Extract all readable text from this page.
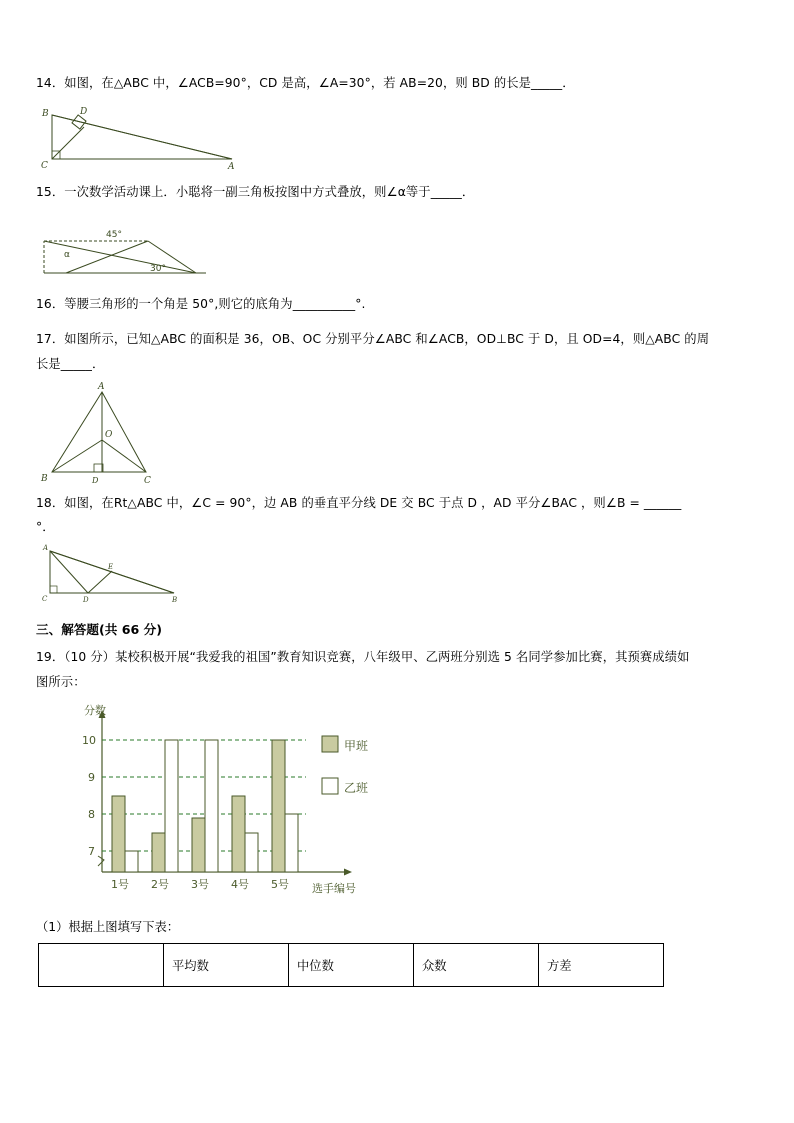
14．如图，在△ABC 中，∠ACB=90°，CD 是高，∠A=30°，若 AB=20，则 BD 的长是_____．
B	D
C	A
15．一次数学活动课上．小聪将一副三角板按图中方式叠放，则∠α等于_____．
45°
α
30°
16．等腰三角形的一个角是 50°,则它的底角为__________°.
17．如图所示，已知△ABC 的面积是 36，OB、OC 分别平分∠ABC 和∠ACB，OD⊥BC 于 D，且 OD=4，则△ABC 的周
长是_____．
A
O
B	D	C
18．如图，在Rt△ABC 中，∠C = 90°，边 AB 的垂直平分线 DE 交 BC 于点 D ，AD 平分∠BAC ，则∠B = ______
°．
A
E
C	D	B
三、解答题(共 66 分)
19．（10 分）某校积极开展“我爱我的祖国”教育知识竞赛，八年级甲、乙两班分别选 5 名同学参加比赛，其预赛成绩如
图所示：
分数
选手编号
10
9
8
7
1号 2号 3号 4号 5号
甲班
乙班
（1）根据上图填写下表：
	平均数	中位数	众数	方差
